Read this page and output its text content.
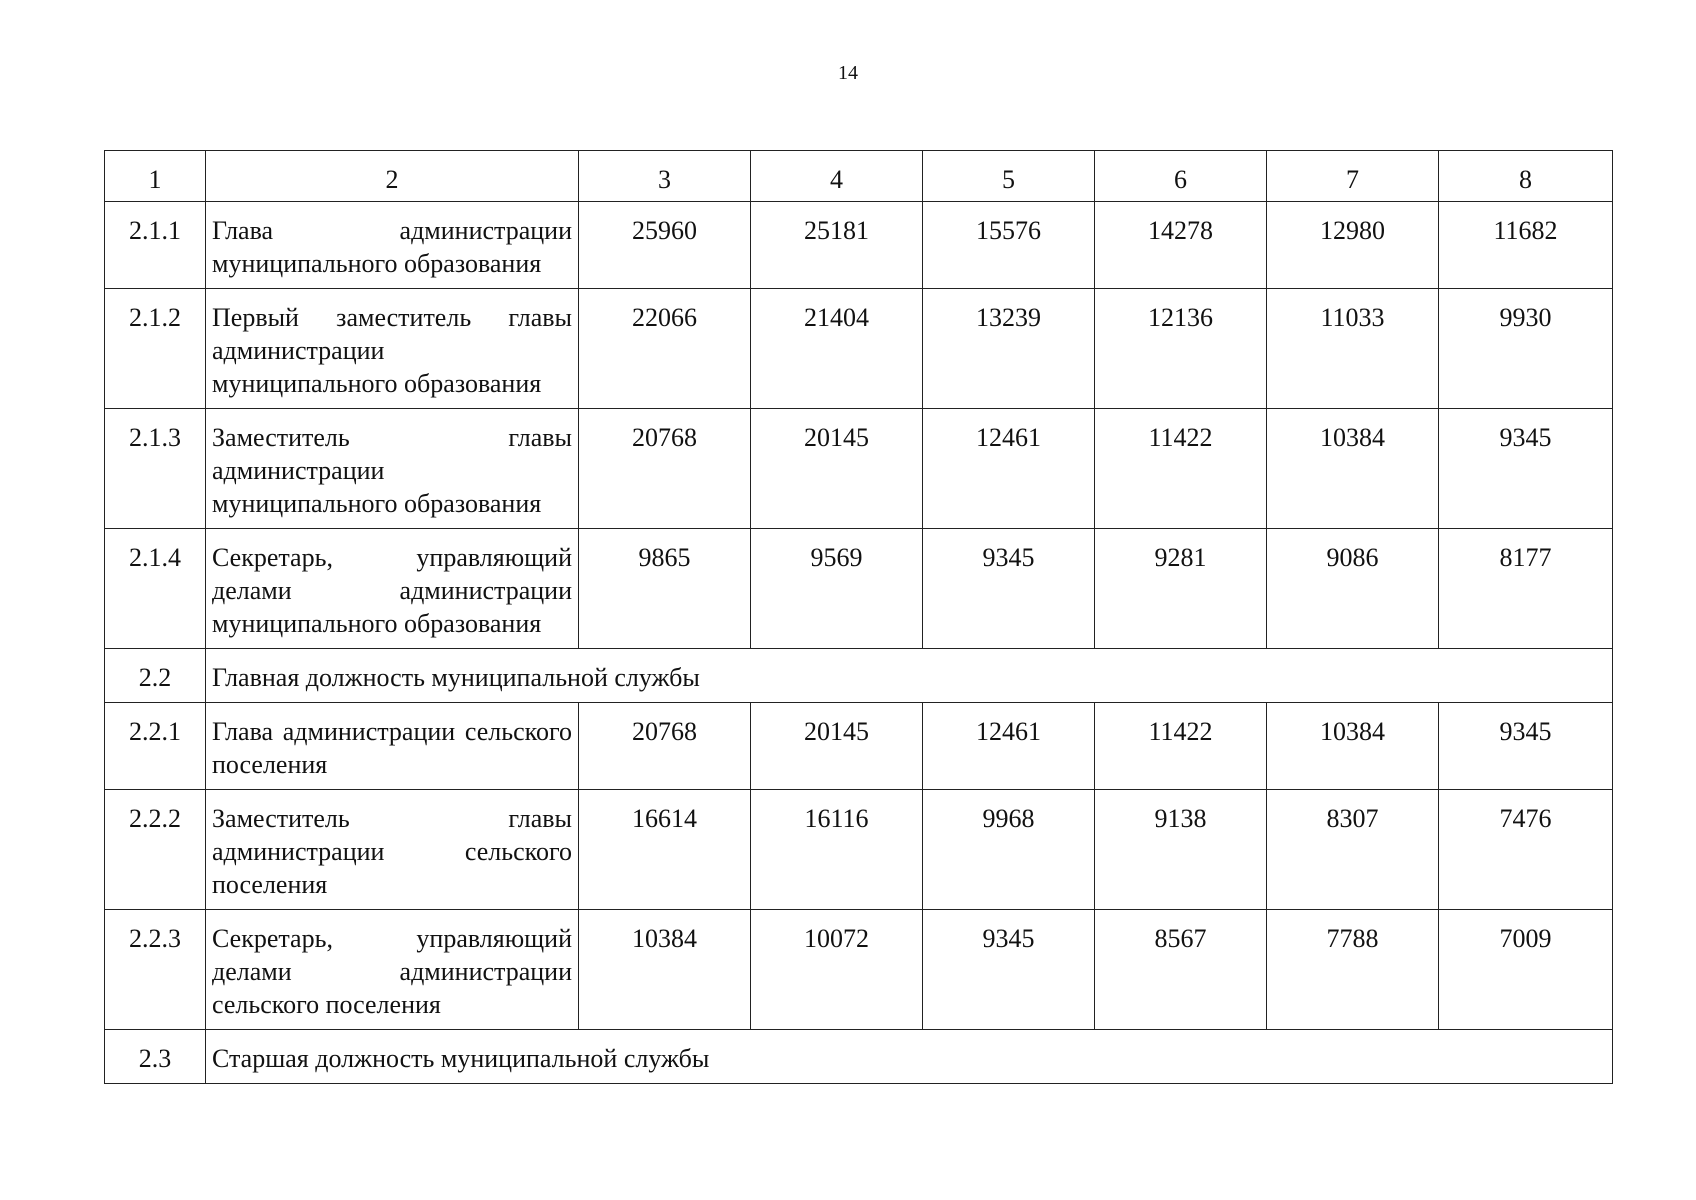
14
1	2	3	4	5	6	7	8
2.1.1	Глава администрации муниципального образования	25960	25181	15576	14278	12980	11682
2.1.2	Первый заместитель главы администрации муниципального образования	22066	21404	13239	12136	11033	9930
2.1.3	Заместитель главы администрации муниципального образования	20768	20145	12461	11422	10384	9345
2.1.4	Секретарь, управляющий делами администрации муниципального образования	9865	9569	9345	9281	9086	8177
2.2	Главная должность муниципальной службы						
2.2.1	Глава администрации сельского поселения	20768	20145	12461	11422	10384	9345
2.2.2	Заместитель главы администрации сельского поселения	16614	16116	9968	9138	8307	7476
2.2.3	Секретарь, управляющий делами администрации сельского поселения	10384	10072	9345	8567	7788	7009
2.3	Старшая должность муниципальной службы						
